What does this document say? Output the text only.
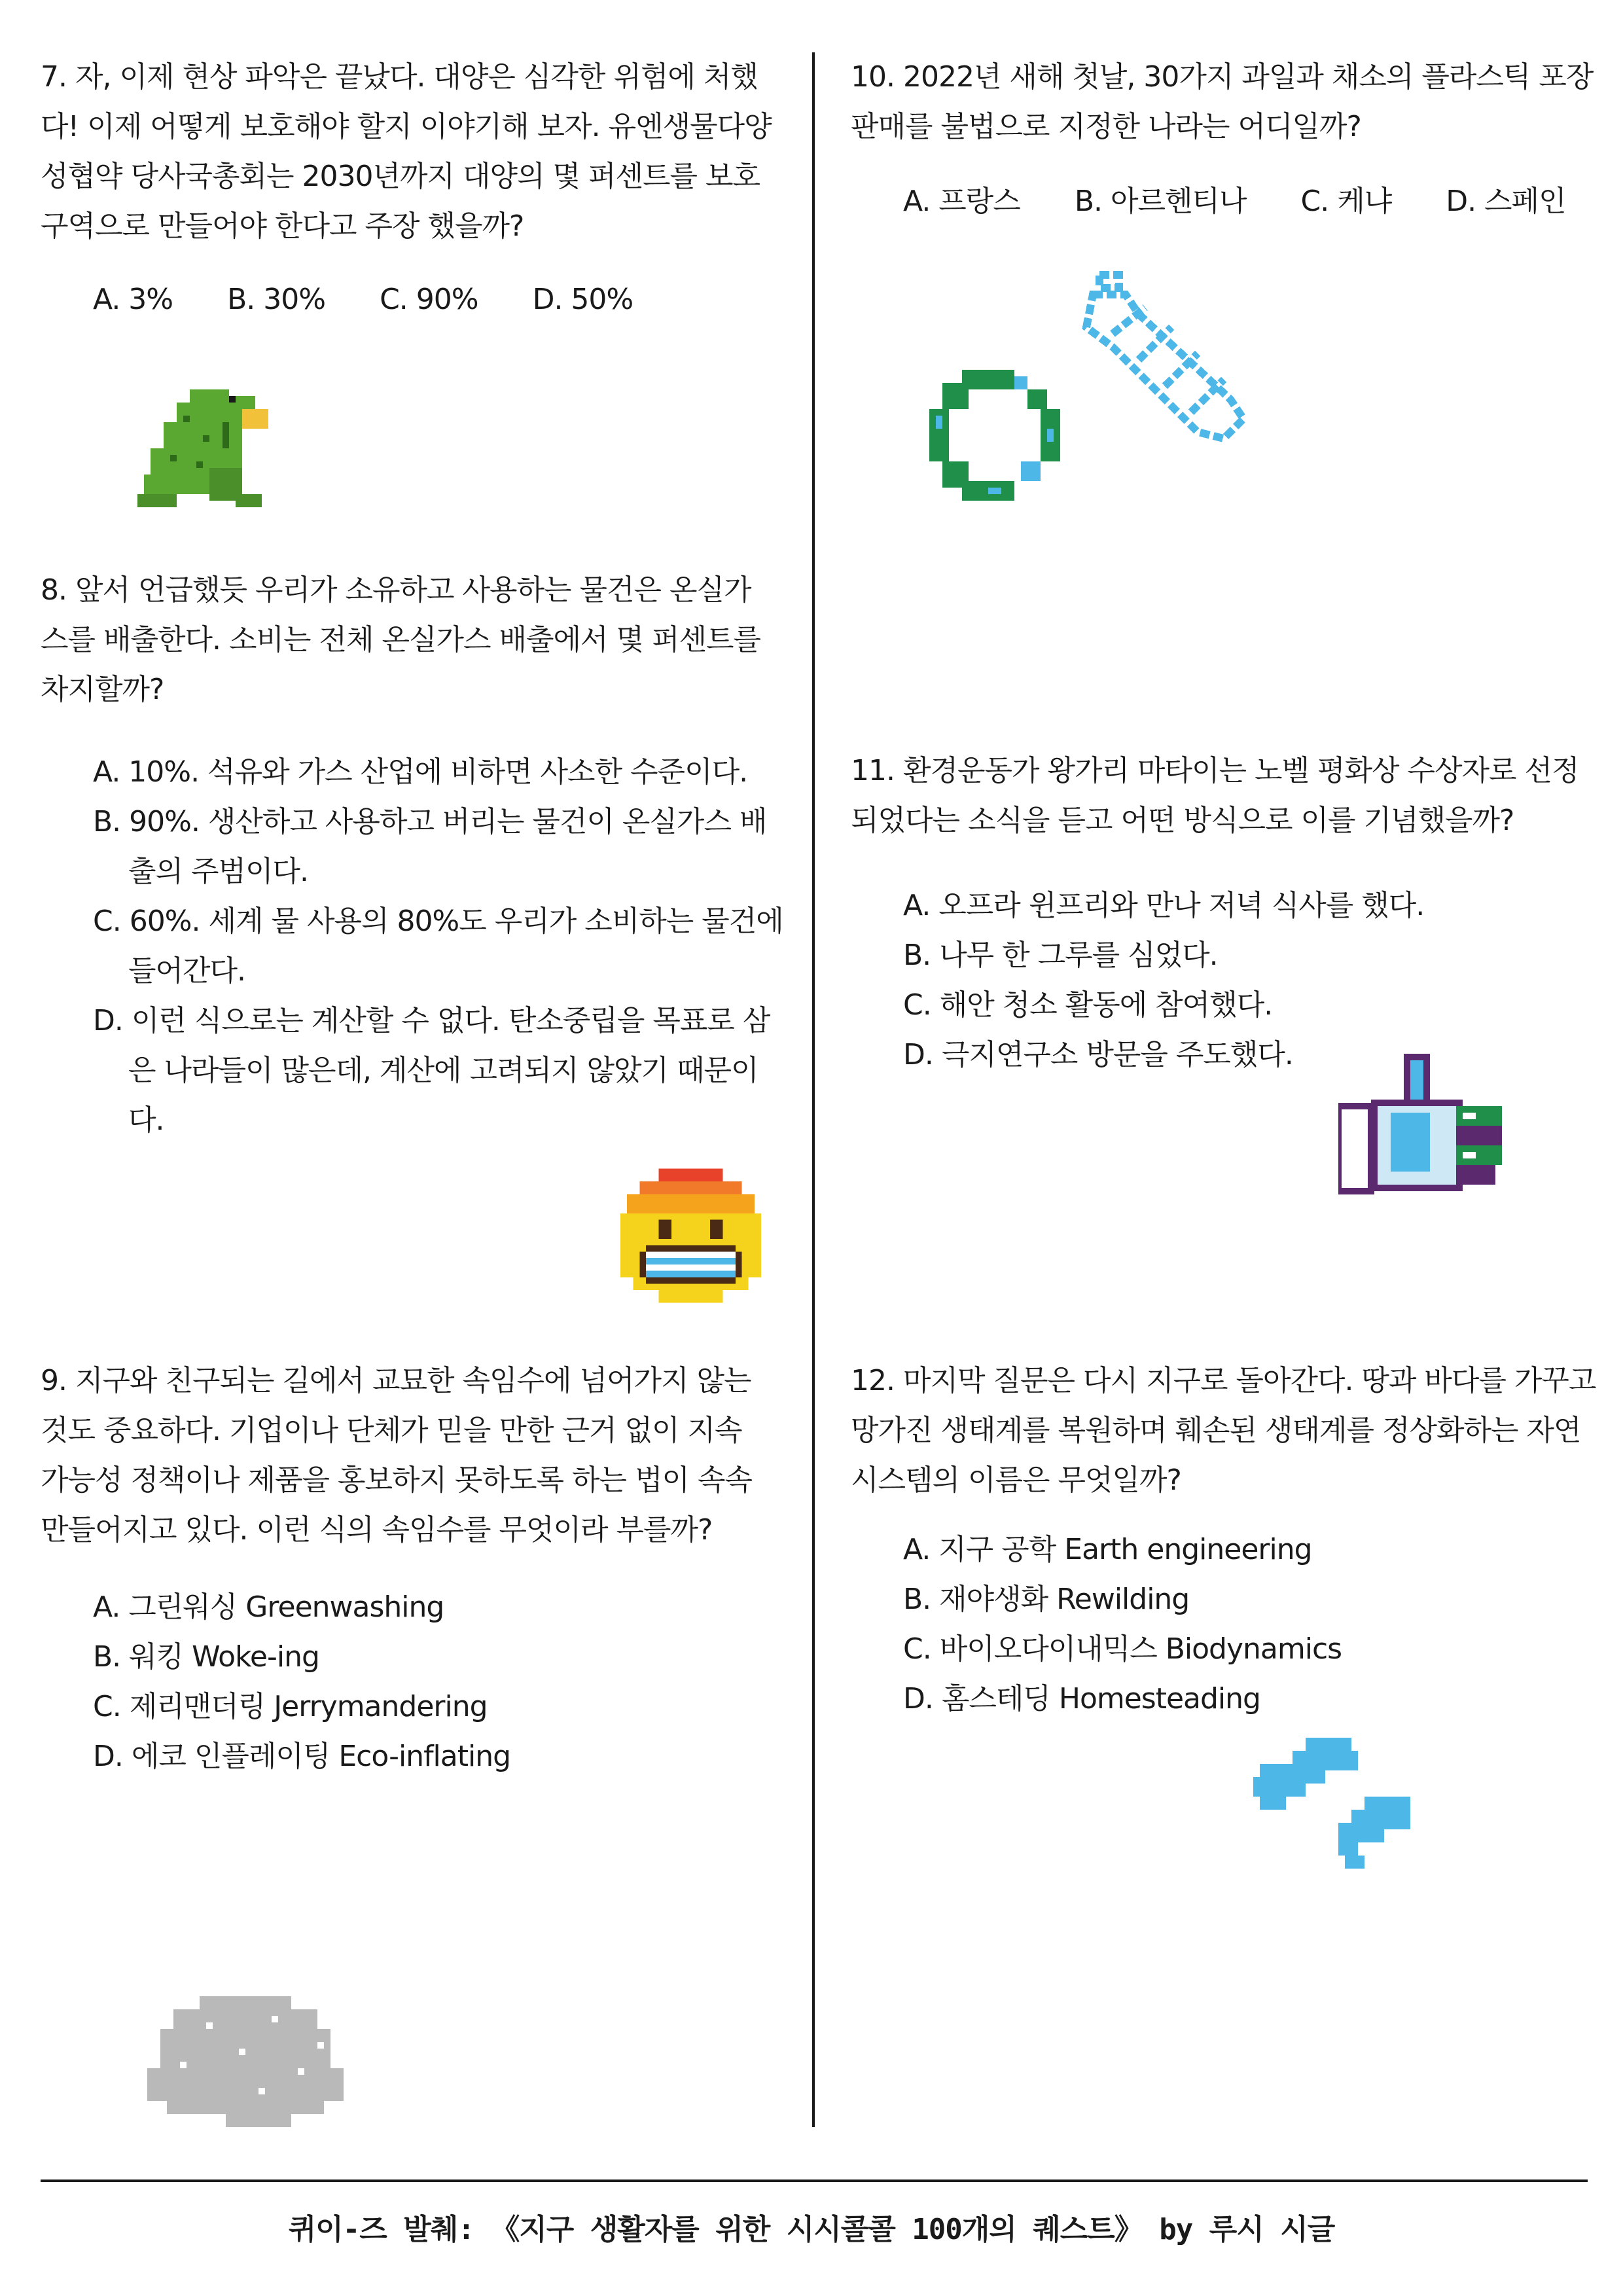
7. 자, 이제 현상 파악은 끝났다. 대양은 심각한 위험에 처했다! 이제 어떻게 보호해야 할지 이야기해 보자. 유엔생물다양성협약 당사국총회는 2030년까지 대양의 몇 퍼센트를 보호구역으로 만들어야 한다고 주장 했을까?

A. 3% B. 30% C. 90% D. 50%

8. 앞서 언급했듯 우리가 소유하고 사용하는 물건은 온실가스를 배출한다. 소비는 전체 온실가스 배출에서 몇 퍼센트를 차지할까?

A. 10%. 석유와 가스 산업에 비하면 사소한 수준이다.
B. 90%. 생산하고 사용하고 버리는 물건이 온실가스 배출의 주범이다.
C. 60%. 세계 물 사용의 80%도 우리가 소비하는 물건에 들어간다.
D. 이런 식으로는 계산할 수 없다. 탄소중립을 목표로 삼은 나라들이 많은데, 계산에 고려되지 않았기 때문이다.

9. 지구와 친구되는 길에서 교묘한 속임수에 넘어가지 않는 것도 중요하다. 기업이나 단체가 믿을 만한 근거 없이 지속 가능성 정책이나 제품을 홍보하지 못하도록 하는 법이 속속 만들어지고 있다. 이런 식의 속임수를 무엇이라 부를까?

A. 그린워싱 Greenwashing
B. 워킹 Woke-ing
C. 제리맨더링 Jerrymandering
D. 에코 인플레이팅 Eco-inflating

10. 2022년 새해 첫날, 30가지 과일과 채소의 플라스틱 포장 판매를 불법으로 지정한 나라는 어디일까?

A. 프랑스 B. 아르헨티나 C. 케냐 D. 스페인

11. 환경운동가 왕가리 마타이는 노벨 평화상 수상자로 선정되었다는 소식을 듣고 어떤 방식으로 이를 기념했을까?

A. 오프라 윈프리와 만나 저녁 식사를 했다.
B. 나무 한 그루를 심었다.
C. 해안 청소 활동에 참여했다.
D. 극지연구소 방문을 주도했다.

12. 마지막 질문은 다시 지구로 돌아간다. 땅과 바다를 가꾸고 망가진 생태계를 복원하며 훼손된 생태계를 정상화하는 자연 시스템의 이름은 무엇일까?

A. 지구 공학 Earth engineering
B. 재야생화 Rewilding
C. 바이오다이내믹스 Biodynamics
D. 홈스테딩 Homesteading
퀴이-즈 발췌: 《지구 생활자를 위한 시시콜콜 100개의 퀘스트》 by 루시 시글
